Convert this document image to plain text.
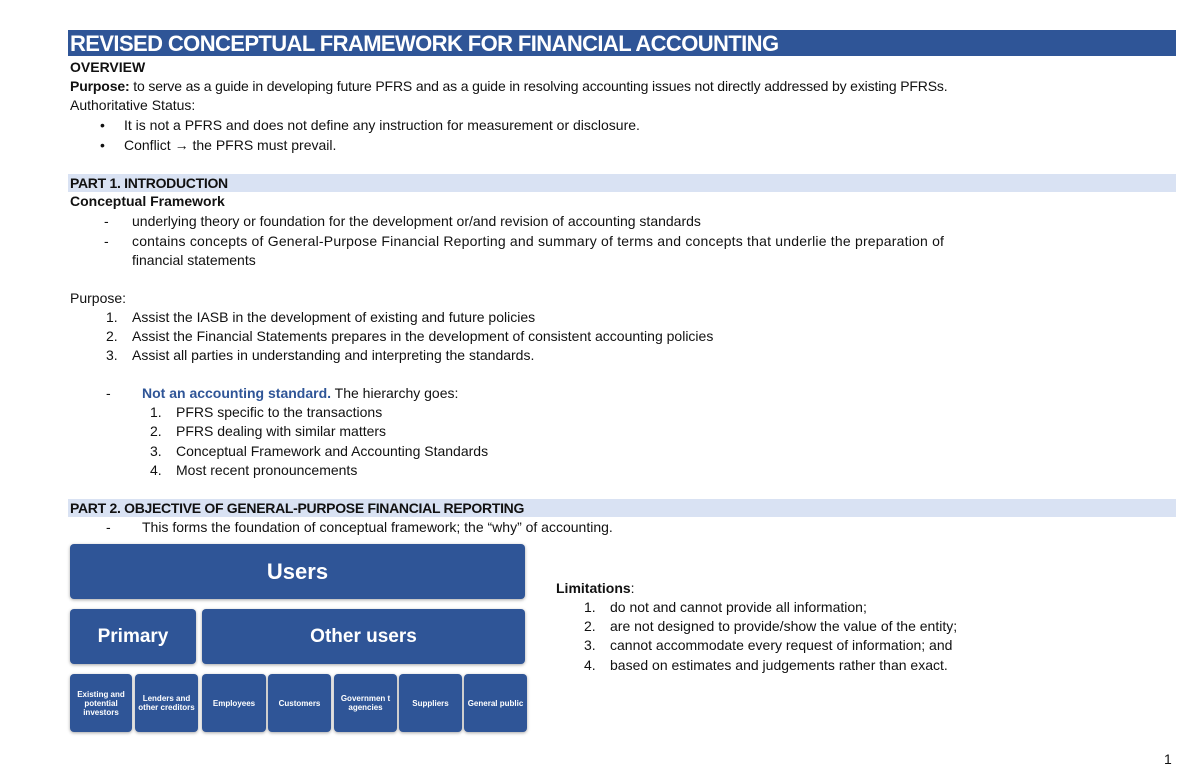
REVISED CONCEPTUAL FRAMEWORK FOR FINANCIAL ACCOUNTING
OVERVIEW
Purpose: to serve as a guide in developing future PFRS and as a guide in resolving accounting issues not directly addressed by existing PFRSs.
Authoritative Status:
• It is not a PFRS and does not define any instruction for measurement or disclosure.
• Conflict → the PFRS must prevail.
PART 1. INTRODUCTION
Conceptual Framework
- underlying theory or foundation for the development or/and revision of accounting standards
- contains concepts of General-Purpose Financial Reporting and summary of terms and concepts that underlie the preparation of
financial statements
Purpose:
1. Assist the IASB in the development of existing and future policies
2. Assist the Financial Statements prepares in the development of consistent accounting policies
3. Assist all parties in understanding and interpreting the standards.
- Not an accounting standard. The hierarchy goes:
1. PFRS specific to the transactions
2. PFRS dealing with similar matters
3. Conceptual Framework and Accounting Standards
4. Most recent pronouncements
PART 2. OBJECTIVE OF GENERAL-PURPOSE FINANCIAL REPORTING
- This forms the foundation of conceptual framework; the “why” of accounting.
Users
Primary	Other users
Existing and potential investors
Lenders and other creditors	Employees	Customers	Governmen t agencies	Suppliers	General public
Limitations:
1. do not and cannot provide all information;
2. are not designed to provide/show the value of the entity;
3. cannot accommodate every request of information; and
4. based on estimates and judgements rather than exact.
1
